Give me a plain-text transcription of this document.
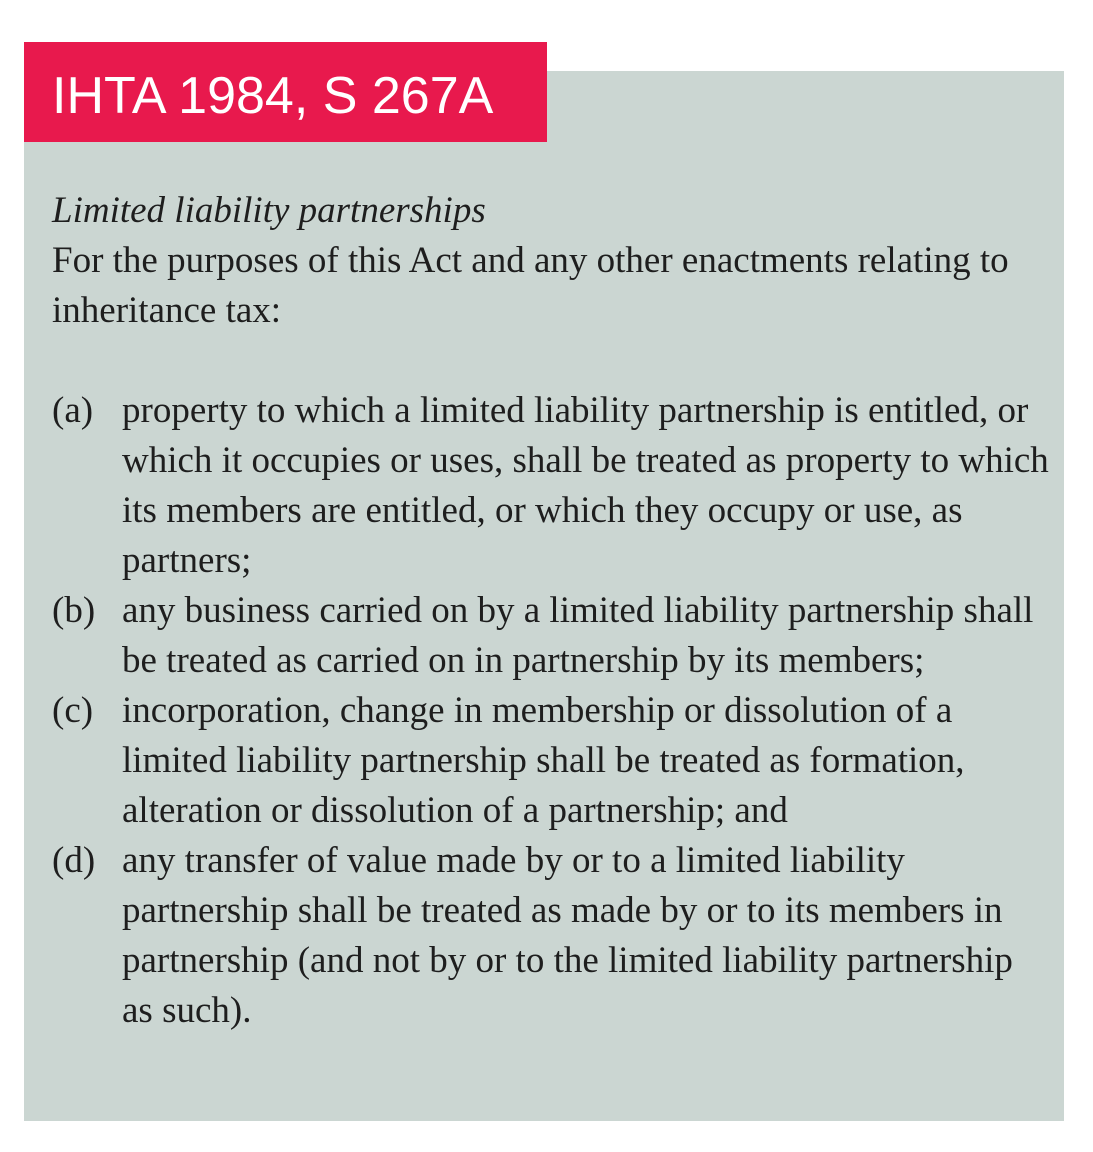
IHTA 1984, S 267A

Limited liability partnerships

For the purposes of this Act and any other enactments relating to inheritance tax:

(a) property to which a limited liability partnership is entitled, or which it occupies or uses, shall be treated as property to which its members are entitled, or which they occupy or use, as partners;
(b) any business carried on by a limited liability partnership shall be treated as carried on in partnership by its members;
(c) incorporation, change in membership or dissolution of a limited liability partnership shall be treated as formation, alteration or dissolution of a partnership; and
(d) any transfer of value made by or to a limited liability partnership shall be treated as made by or to its members in partnership (and not by or to the limited liability partnership as such).
